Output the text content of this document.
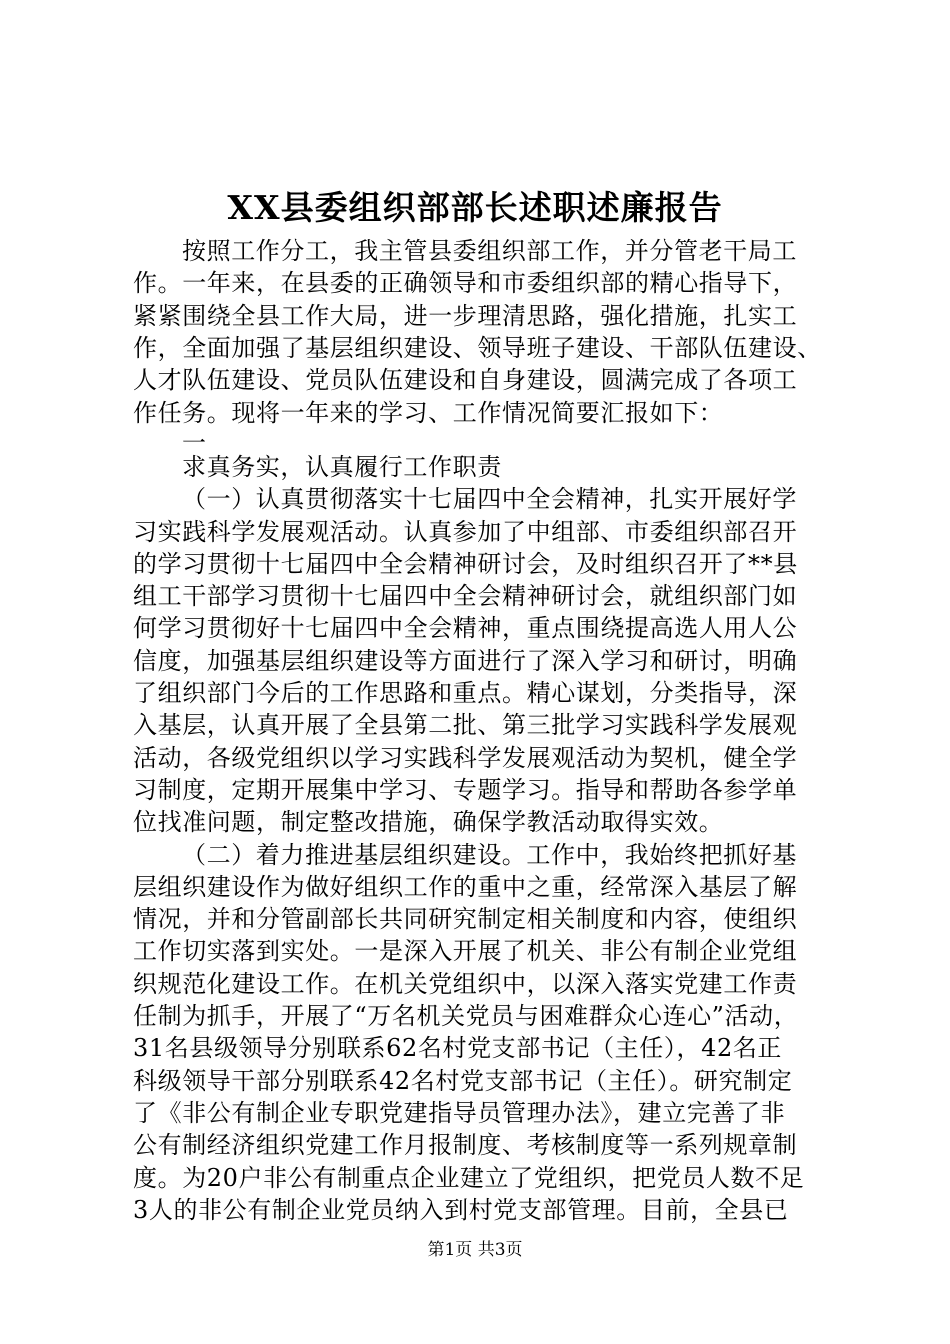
XX县委组织部部长述职述廉报告
按照工作分工，我主管县委组织部工作，并分管老干局工
作。一年来，在县委的正确领导和市委组织部的精心指导下，
紧紧围绕全县工作大局，进一步理清思路，强化措施，扎实工
作，全面加强了基层组织建设、领导班子建设、干部队伍建设、
人才队伍建设、党员队伍建设和自身建设，圆满完成了各项工
作任务。现将一年来的学习、工作情况简要汇报如下：
一
求真务实，认真履行工作职责
（一）认真贯彻落实十七届四中全会精神，扎实开展好学
习实践科学发展观活动。认真参加了中组部、市委组织部召开
的学习贯彻十七届四中全会精神研讨会，及时组织召开了**县
组工干部学习贯彻十七届四中全会精神研讨会，就组织部门如
何学习贯彻好十七届四中全会精神，重点围绕提高选人用人公
信度，加强基层组织建设等方面进行了深入学习和研讨，明确
了组织部门今后的工作思路和重点。精心谋划，分类指导，深
入基层，认真开展了全县第二批、第三批学习实践科学发展观
活动，各级党组织以学习实践科学发展观活动为契机，健全学
习制度，定期开展集中学习、专题学习。指导和帮助各参学单
位找准问题，制定整改措施，确保学教活动取得实效。
（二）着力推进基层组织建设。工作中，我始终把抓好基
层组织建设作为做好组织工作的重中之重，经常深入基层了解
情况，并和分管副部长共同研究制定相关制度和内容，使组织
工作切实落到实处。一是深入开展了机关、非公有制企业党组
织规范化建设工作。在机关党组织中，以深入落实党建工作责
任制为抓手，开展了“万名机关党员与困难群众心连心”活动，
31名县级领导分别联系62名村党支部书记（主任），42名正
科级领导干部分别联系42名村党支部书记（主任）。研究制定
了《非公有制企业专职党建指导员管理办法》，建立完善了非
公有制经济组织党建工作月报制度、考核制度等一系列规章制
度。为20户非公有制重点企业建立了党组织，把党员人数不足
3人的非公有制企业党员纳入到村党支部管理。目前，全县已
第1页 共3页
